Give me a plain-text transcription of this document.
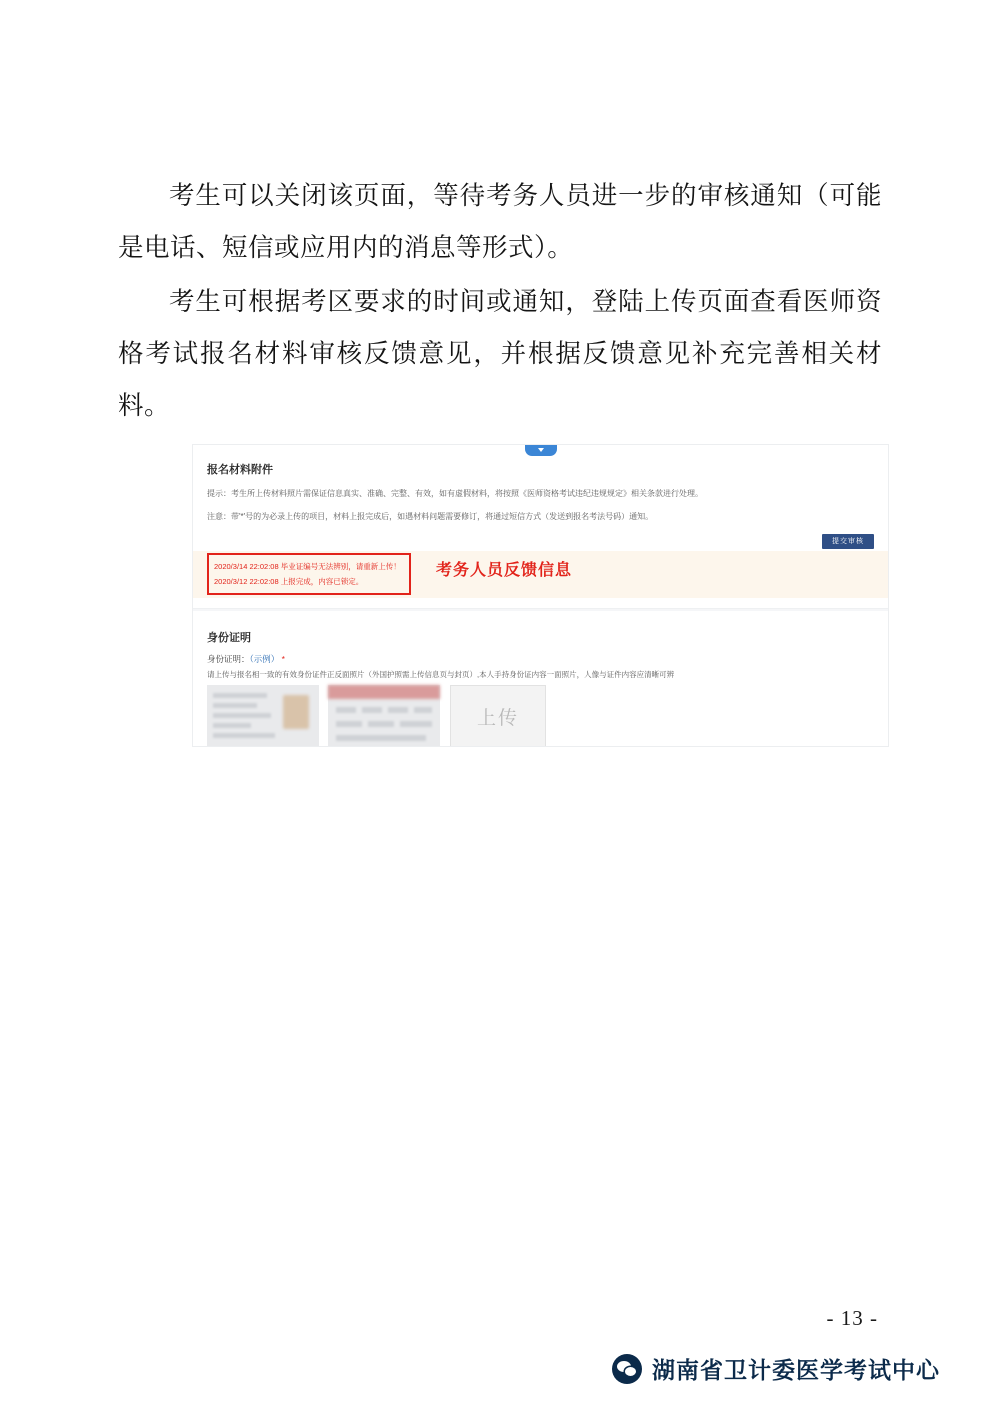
考生可以关闭该页面，等待考务人员进一步的审核通知（可能是电话、短信或应用内的消息等形式）。

考生可根据考区要求的时间或通知，登陆上传页面查看医师资格考试报名材料审核反馈意见，并根据反馈意见补充完善相关材料。

报名材料附件
提示：考生所上传材料照片需保证信息真实、准确、完整、有效，如有虚假材料，将按照《医师资格考试违纪违规规定》相关条款进行处理。
注意：带'*'号的为必录上传的项目，材料上报完成后，如遇材料问题需要修订，将通过短信方式（发送到报名考法号码）通知。
提交审核
2020/3/14 22:02:08 毕业证编号无法辨别，请重新上传！
2020/3/12 22:02:08 上报完成，内容已锁定。
考务人员反馈信息
身份证明
身份证明：（示例） *
请上传与报名相一致的有效身份证件正反面照片（外国护照需上传信息页与封页）,本人手持身份证内容一面照片，人像与证件内容应清晰可辨
上传
- 13 -
湖南省卫计委医学考试中心
